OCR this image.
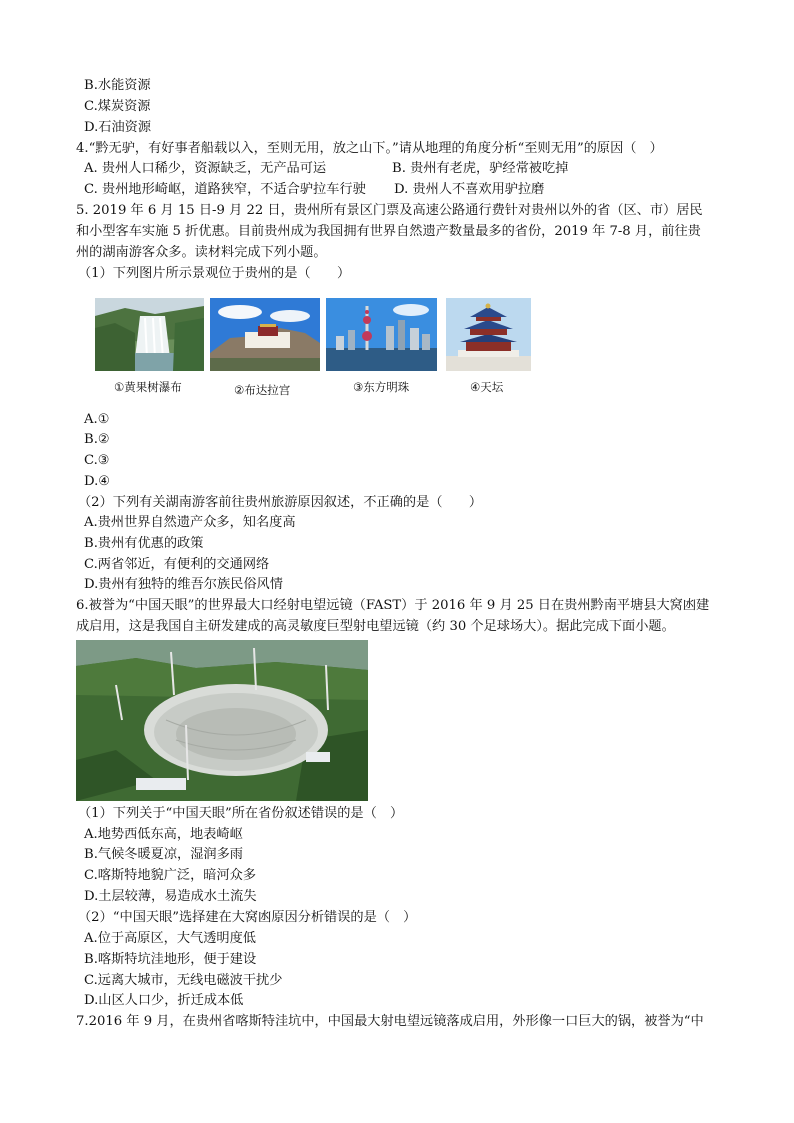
B.水能资源
C.煤炭资源
D.石油资源
4.“黔无驴，有好事者船载以入，至则无用，放之山下。”请从地理的角度分析“至则无用”的原因（　）
A. 贵州人口稀少，资源缺乏，无产品可运	B. 贵州有老虎，驴经常被吃掉
C. 贵州地形崎岖，道路狭窄，不适合驴拉车行驶 D. 贵州人不喜欢用驴拉磨
5. 2019 年 6 月 15 日-9 月 22 日，贵州所有景区门票及高速公路通行费针对贵州以外的省（区、市）居民
和小型客车实施 5 折优惠。目前贵州成为我国拥有世界自然遗产数量最多的省份，2019 年 7-8 月，前往贵
州的湖南游客众多。读材料完成下列小题。
（1）下列图片所示景观位于贵州的是（　　）
①黄果树瀑布	②布达拉宫	③东方明珠	④天坛
A.①
B.②
C.③
D.④
（2）下列有关湖南游客前往贵州旅游原因叙述，不正确的是（　　）
A.贵州世界自然遗产众多，知名度高
B.贵州有优惠的政策
C.两省邻近，有便利的交通网络
D.贵州有独特的维吾尔族民俗风情
6.被誉为“中国天眼”的世界最大口经射电望远镜（FAST）于 2016 年 9 月 25 日在贵州黔南平塘县大窝凼建
成启用，这是我国自主研发建成的高灵敏度巨型射电望远镜（约 30 个足球场大）。据此完成下面小题。
（1）下列关于“中国天眼”所在省份叙述错误的是（　）
A.地势西低东高，地表崎岖
B.气候冬暖夏凉，湿润多雨
C.喀斯特地貌广泛，暗河众多
D.土层较薄，易造成水土流失
（2）“中国天眼”选择建在大窝凼原因分析错误的是（　）
A.位于高原区，大气透明度低
B.喀斯特坑洼地形，便于建设
C.远离大城市，无线电磁波干扰少
D.山区人口少，折迁成本低
7.2016 年 9 月，在贵州省喀斯特洼坑中，中国最大射电望远镜落成启用，外形像一口巨大的锅，被誉为“中
